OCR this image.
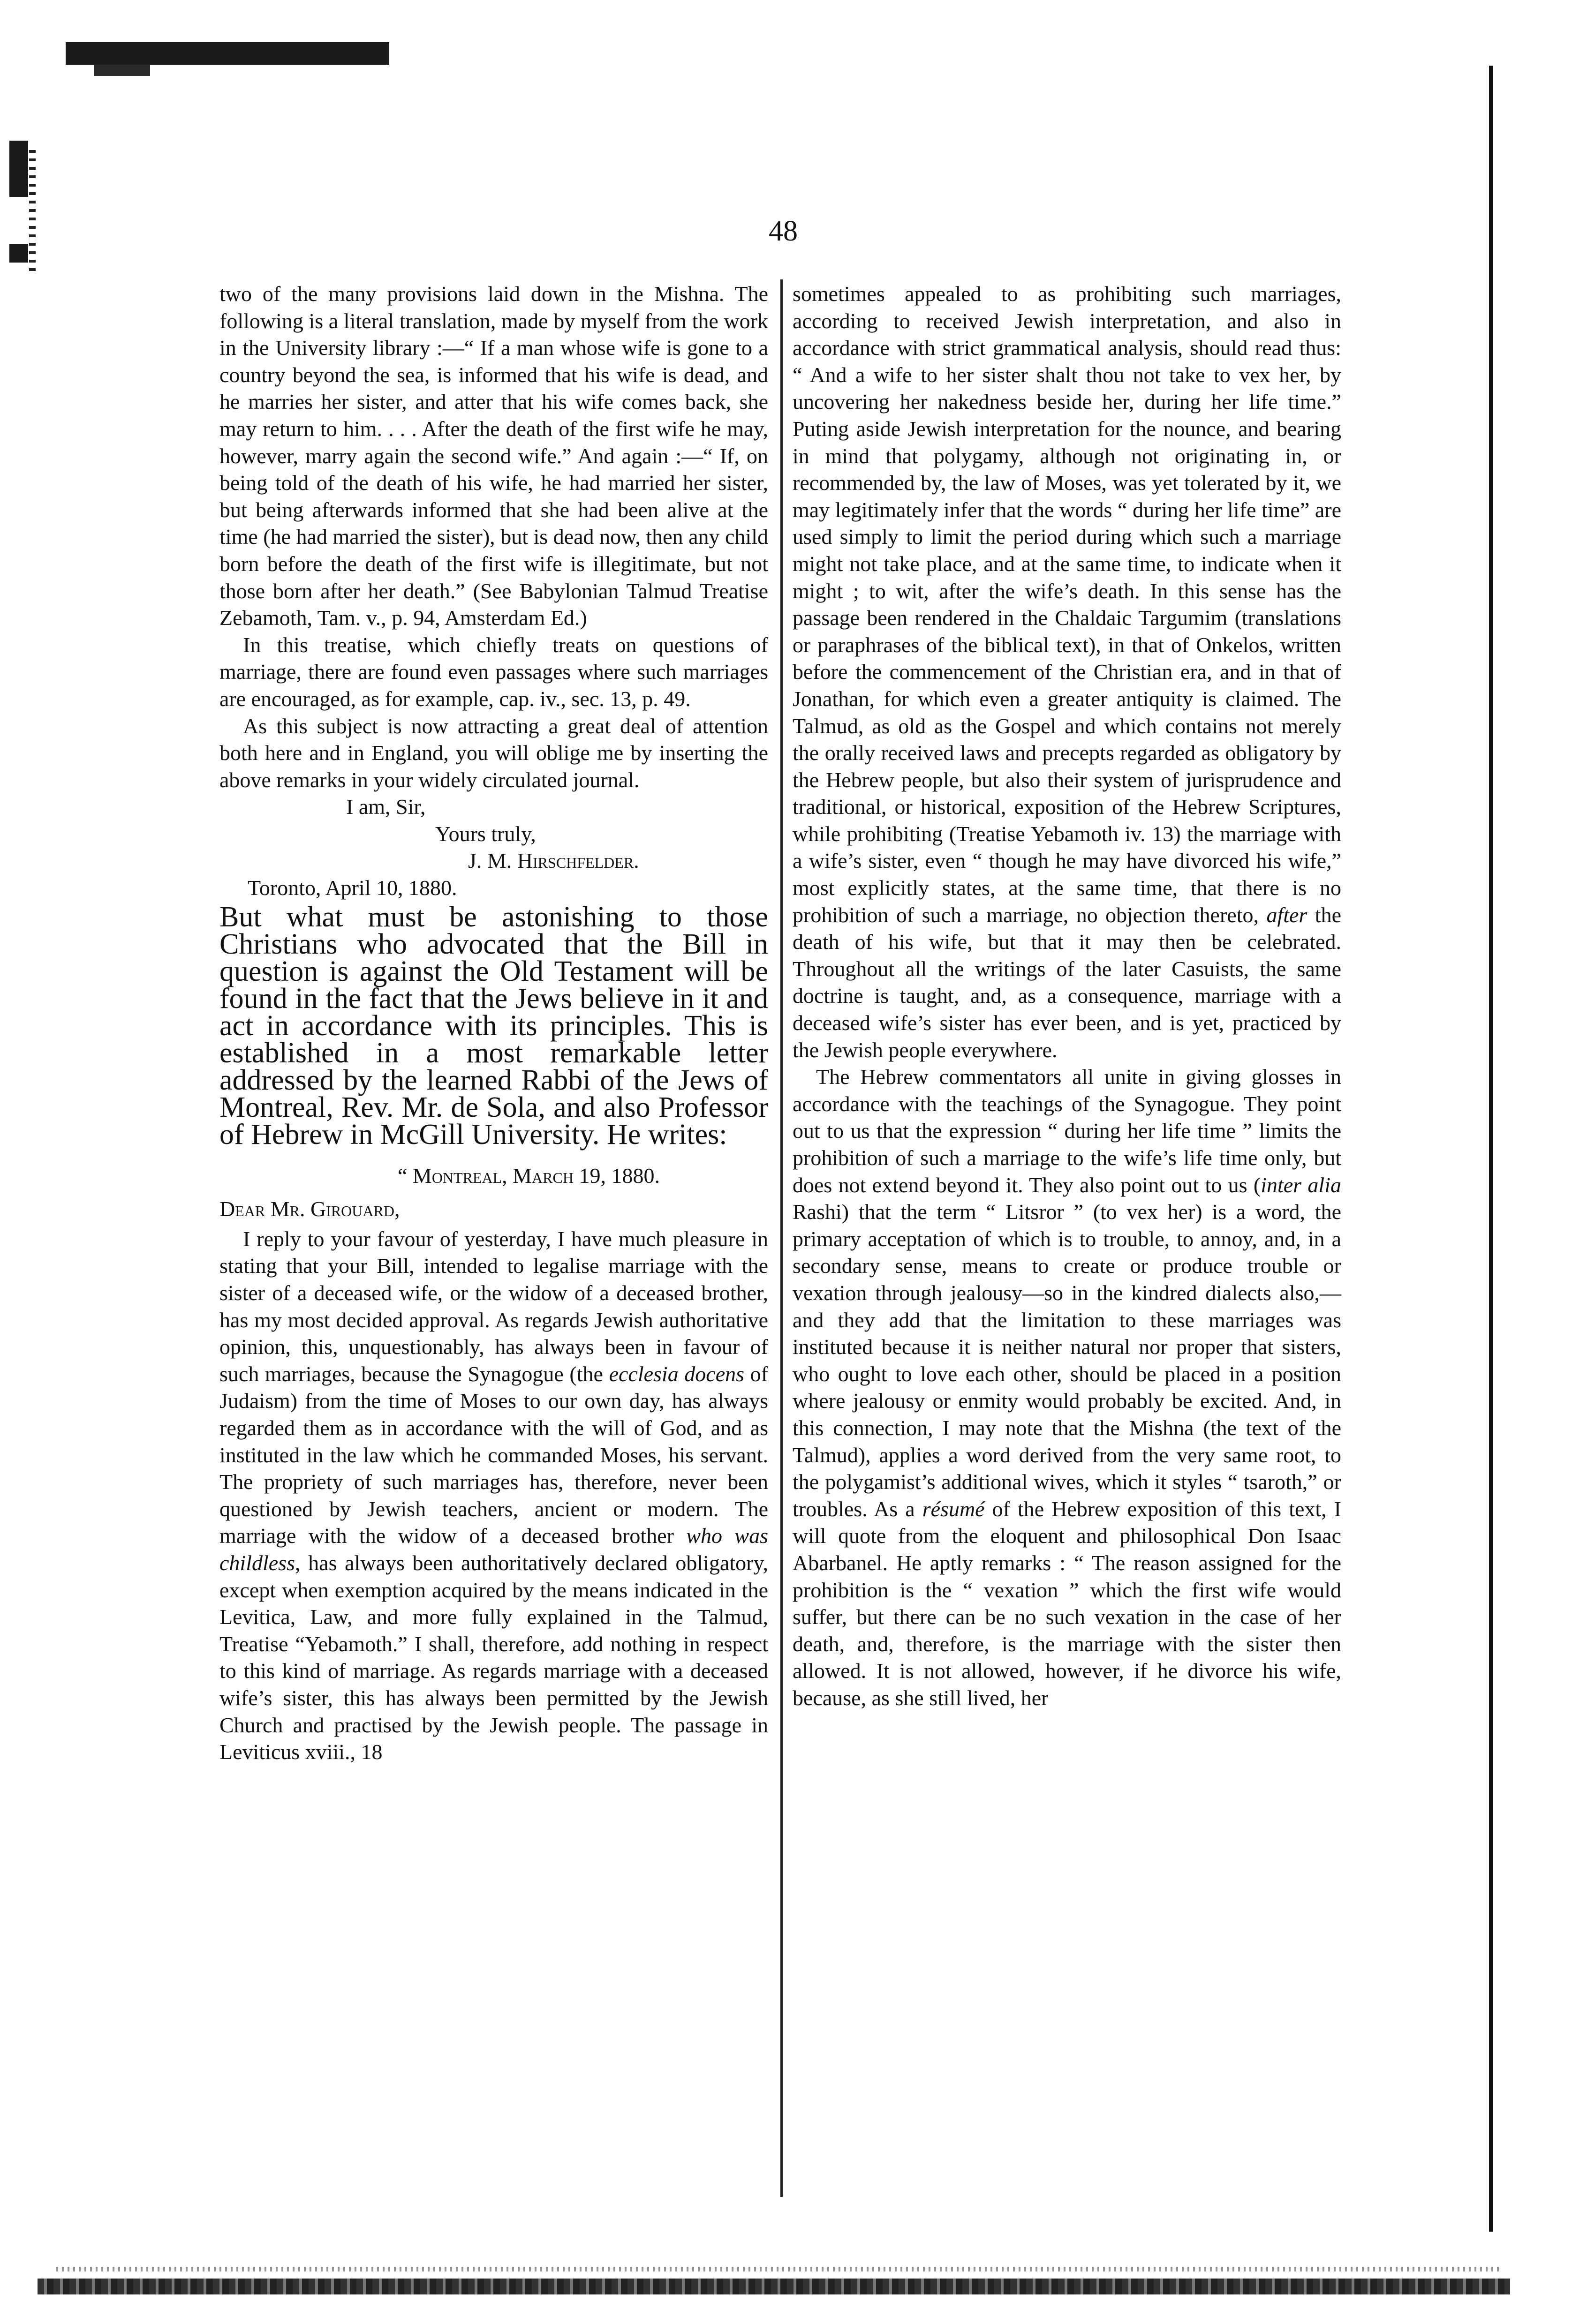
48

two of the many provisions laid down in the Mishna. The following is a literal translation, made by myself from the work in the University library :—“ If a man whose wife is gone to a country beyond the sea, is informed that his wife is dead, and he marries her sister, and atter that his wife comes back, she may return to him. . . . After the death of the first wife he may, however, marry again the second wife.” And again :—“ If, on being told of the death of his wife, he had married her sister, but being afterwards informed that she had been alive at the time (he had married the sister), but is dead now, then any child born before the death of the first wife is illegitimate, but not those born after her death.” (See Babylonian Talmud Treatise Zebamoth, Tam. v., p. 94, Amsterdam Ed.)

In this treatise, which chiefly treats on questions of marriage, there are found even passages where such marriages are encouraged, as for example, cap. iv., sec. 13, p. 49.

As this subject is now attracting a great deal of attention both here and in England, you will oblige me by inserting the above remarks in your widely circulated journal.

I am, Sir,

Yours truly,

J. M. Hirschfelder.

Toronto, April 10, 1880.

But what must be astonishing to those Christians who advocated that the Bill in question is against the Old Testament will be found in the fact that the Jews believe in it and act in accordance with its principles. This is established in a most remarkable letter addressed by the learned Rabbi of the Jews of Montreal, Rev. Mr. de Sola, and also Professor of Hebrew in McGill University. He writes:

“ Montreal, March 19, 1880.

Dear Mr. Girouard,

I reply to your favour of yesterday, I have much pleasure in stating that your Bill, intended to legalise marriage with the sister of a deceased wife, or the widow of a deceased brother, has my most decided approval. As regards Jewish authoritative opinion, this, unquestionably, has always been in favour of such marriages, because the Synagogue (the ecclesia docens of Judaism) from the time of Moses to our own day, has always regarded them as in accordance with the will of God, and as instituted in the law which he commanded Moses, his servant. The propriety of such marriages has, therefore, never been questioned by Jewish teachers, ancient or modern. The marriage with the widow of a deceased brother who was childless, has always been authoritatively declared obligatory, except when exemption acquired by the means indicated in the Levitica, Law, and more fully explained in the Talmud, Treatise “Yebamoth.” I shall, therefore, add nothing in respect to this kind of marriage. As regards marriage with a deceased wife’s sister, this has always been permitted by the Jewish Church and practised by the Jewish people. The passage in Leviticus xviii., 18

sometimes appealed to as prohibiting such marriages, according to received Jewish interpretation, and also in accordance with strict grammatical analysis, should read thus: “ And a wife to her sister shalt thou not take to vex her, by uncovering her nakedness beside her, during her life time.” Puting aside Jewish interpretation for the nounce, and bearing in mind that polygamy, although not originating in, or recommended by, the law of Moses, was yet tolerated by it, we may legitimately infer that the words “ during her life time” are used simply to limit the period during which such a marriage might not take place, and at the same time, to indicate when it might ; to wit, after the wife’s death. In this sense has the passage been rendered in the Chaldaic Targumim (translations or paraphrases of the biblical text), in that of Onkelos, written before the commencement of the Christian era, and in that of Jonathan, for which even a greater antiquity is claimed. The Talmud, as old as the Gospel and which contains not merely the orally received laws and precepts regarded as obligatory by the Hebrew people, but also their system of jurisprudence and traditional, or historical, exposition of the Hebrew Scriptures, while prohibiting (Treatise Yebamoth iv. 13) the marriage with a wife’s sister, even “ though he may have divorced his wife,” most explicitly states, at the same time, that there is no prohibition of such a marriage, no objection thereto, after the death of his wife, but that it may then be celebrated. Throughout all the writings of the later Casuists, the same doctrine is taught, and, as a consequence, marriage with a deceased wife’s sister has ever been, and is yet, practiced by the Jewish people everywhere.

The Hebrew commentators all unite in giving glosses in accordance with the teachings of the Synagogue. They point out to us that the expression “ during her life time ” limits the prohibition of such a marriage to the wife’s life time only, but does not extend beyond it. They also point out to us (inter alia Rashi) that the term “ Litsror ” (to vex her) is a word, the primary acceptation of which is to trouble, to annoy, and, in a secondary sense, means to create or produce trouble or vexation through jealousy—so in the kindred dialects also,—and they add that the limitation to these marriages was instituted because it is neither natural nor proper that sisters, who ought to love each other, should be placed in a position where jealousy or enmity would probably be excited. And, in this connection, I may note that the Mishna (the text of the Talmud), applies a word derived from the very same root, to the polygamist’s additional wives, which it styles “ tsaroth,” or troubles. As a résumé of the Hebrew exposition of this text, I will quote from the eloquent and philosophical Don Isaac Abarbanel. He aptly remarks : “ The reason assigned for the prohibition is the “ vexation ” which the first wife would suffer, but there can be no such vexation in the case of her death, and, therefore, is the marriage with the sister then allowed. It is not allowed, however, if he divorce his wife, because, as she still lived, her
